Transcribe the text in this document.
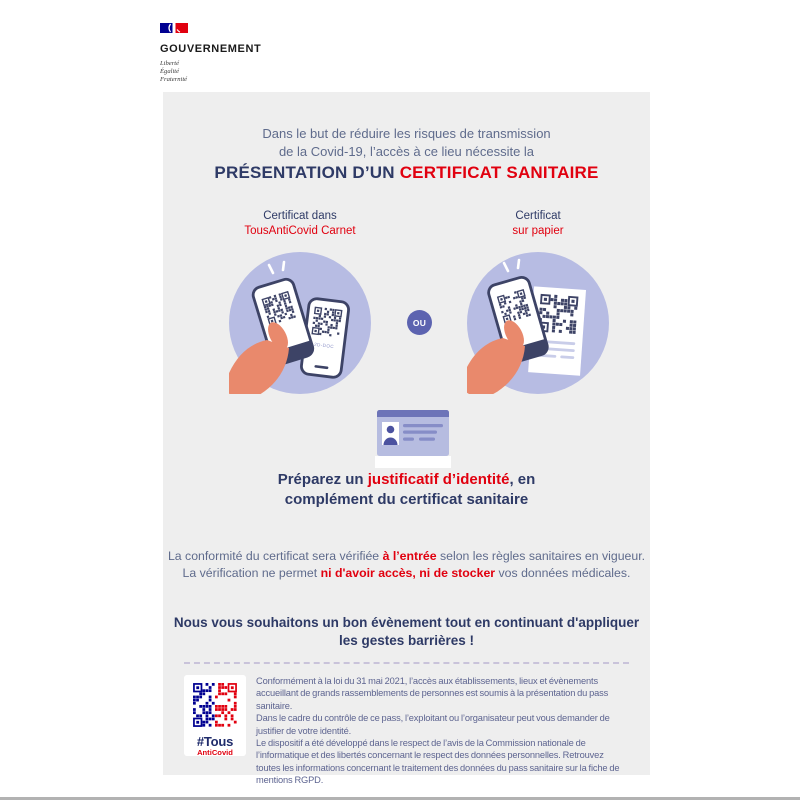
GOUVERNEMENT
Liberté
Égalité
Fraternité
Dans le but de réduire les risques de transmission
de la Covid-19, l’accès à ce lieu nécessite la
PRÉSENTATION D’UN CERTIFICAT SANITAIRE
Certificat dans
TousAntiCovid Carnet
Certificat
sur papier
2D-DOC
OU
Préparez un justificatif d’identité, en
complément du certificat sanitaire
La conformité du certificat sera vérifiée à l’entrée selon les règles sanitaires en vigueur.
La vérification ne permet ni d'avoir accès, ni de stocker vos données médicales.
Nous vous souhaitons un bon évènement tout en continuant d'appliquer
les gestes barrières !
#Tous
AntiCovid
Conformément à la loi du 31 mai 2021, l’accès aux établissements, lieux et évènements accueillant de grands rassemblements de personnes est soumis à la présentation du pass sanitaire.
Dans le cadre du contrôle de ce pass, l’exploitant ou l’organisateur peut vous demander de justifier de votre identité.
Le dispositif a été développé dans le respect de l’avis de la Commission nationale de l’informatique et des libertés concernant le respect des données personnelles. Retrouvez toutes les informations concernant le traitement des données du pass sanitaire sur la fiche de mentions RGPD.
